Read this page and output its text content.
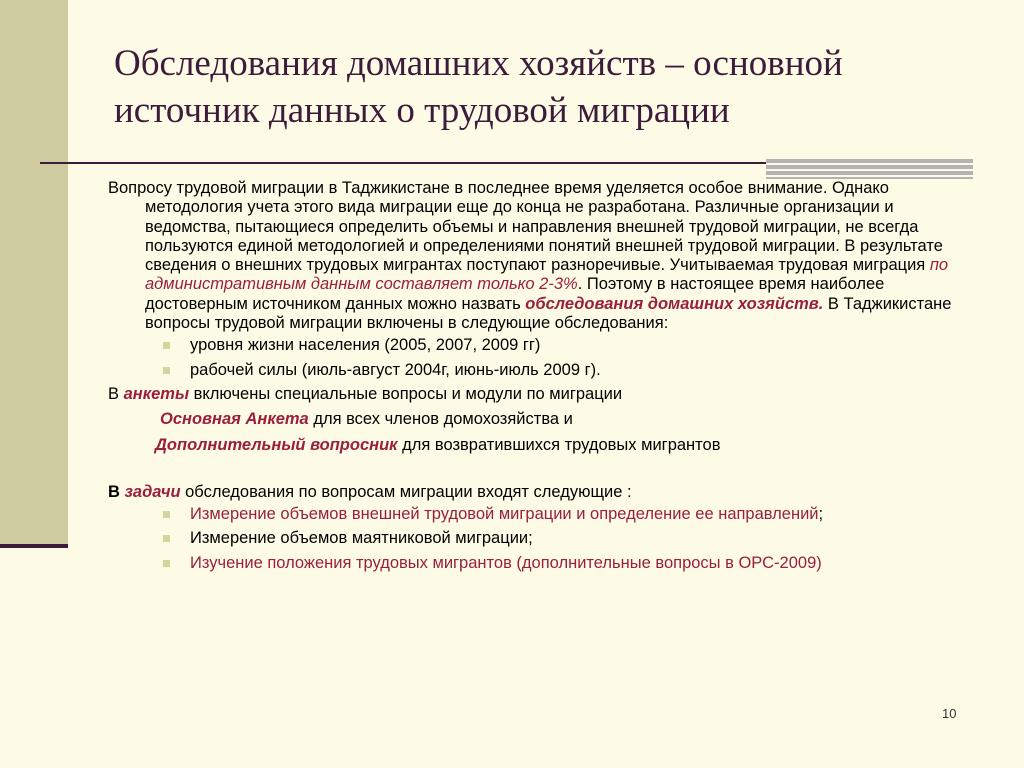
Обследования домашних хозяйств – основной
источник данных о трудовой миграции
Вопросу трудовой миграции в Таджикистане в последнее время уделяется особое внимание. Однако методология учета этого вида миграции еще до конца не разработана. Различные организации и ведомства, пытающиеся определить объемы и направления внешней трудовой миграции, не всегда пользуются единой методологией и определениями понятий внешней трудовой миграции. В результате сведения о внешних трудовых мигрантах поступают разноречивые. Учитываемая трудовая миграция по административным данным составляет только 2-3%. Поэтому в настоящее время наиболее достоверным источником данных можно назвать обследования домашних хозяйств. В Таджикистане вопросы трудовой миграции включены в следующие обследования:
уровня жизни населения (2005, 2007, 2009 гг)
рабочей силы (июль-август 2004г, июнь-июль 2009 г).
В анкеты включены специальные вопросы и модули по миграции
Основная Анкета для всех членов домохозяйства и
Дополнительный вопросник для возвратившихся трудовых мигрантов
В задачи обследования по вопросам миграции входят следующие :
Измерение объемов внешней трудовой миграции и определение ее направлений;
Измерение объемов маятниковой миграции;
Изучение положения трудовых мигрантов (дополнительные вопросы в ОРС-2009)
10
